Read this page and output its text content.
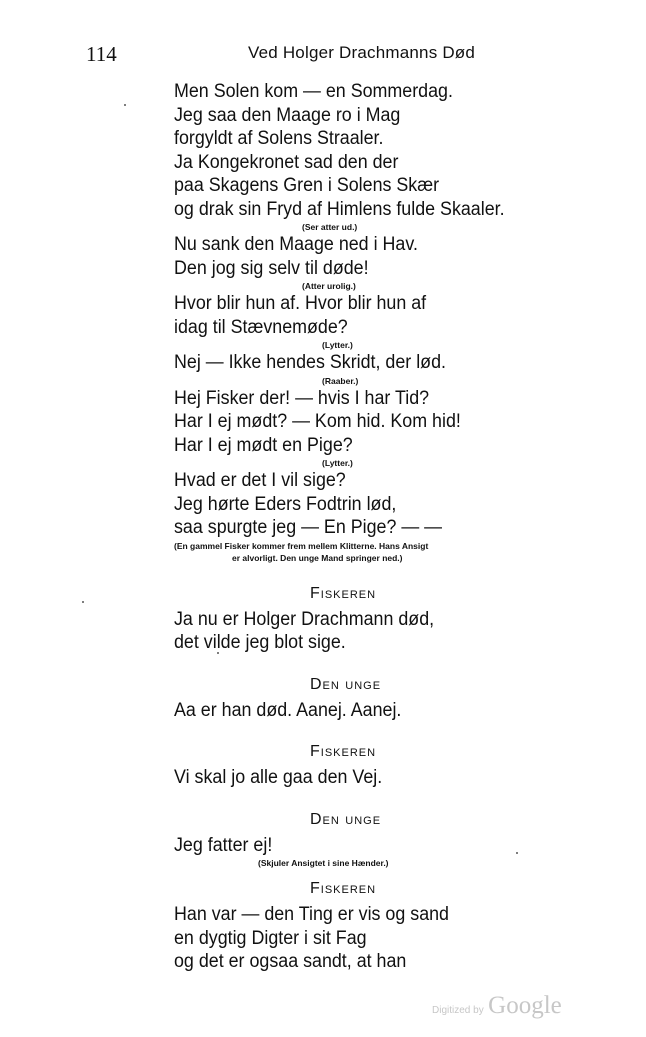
114	Ved Holger Drachmanns Død
Men Solen kom — en Sommerdag.
Jeg saa den Maage ro i Mag
forgyldt af Solens Straaler.
Ja Kongekronet sad den der
paa Skagens Gren i Solens Skær
og drak sin Fryd af Himlens fulde Skaaler.
(Ser atter ud.)
Nu sank den Maage ned i Hav.
Den jog sig selv til døde!
(Atter urolig.)
Hvor blir hun af. Hvor blir hun af
idag til Stævnemøde?
(Lytter.)
Nej — Ikke hendes Skridt, der lød.
(Raaber.)
Hej Fisker der! — hvis I har Tid?
Har I ej mødt? — Kom hid. Kom hid!
Har I ej mødt en Pige?
(Lytter.)
Hvad er det I vil sige?
Jeg hørte Eders Fodtrin lød,
saa spurgte jeg — En Pige? — —
(En gammel Fisker kommer frem mellem Klitterne. Hans Ansigt
er alvorligt. Den unge Mand springer ned.)
Fiskeren
Ja nu er Holger Drachmann død,
det vilde jeg blot sige.
Den unge
Aa er han død. Aanej. Aanej.
Fiskeren
Vi skal jo alle gaa den Vej.
Den unge
Jeg fatter ej!
(Skjuler Ansigtet i sine Hænder.)
Fiskeren
Han var — den Ting er vis og sand
en dygtig Digter i sit Fag
og det er ogsaa sandt, at han
Digitized by Google
